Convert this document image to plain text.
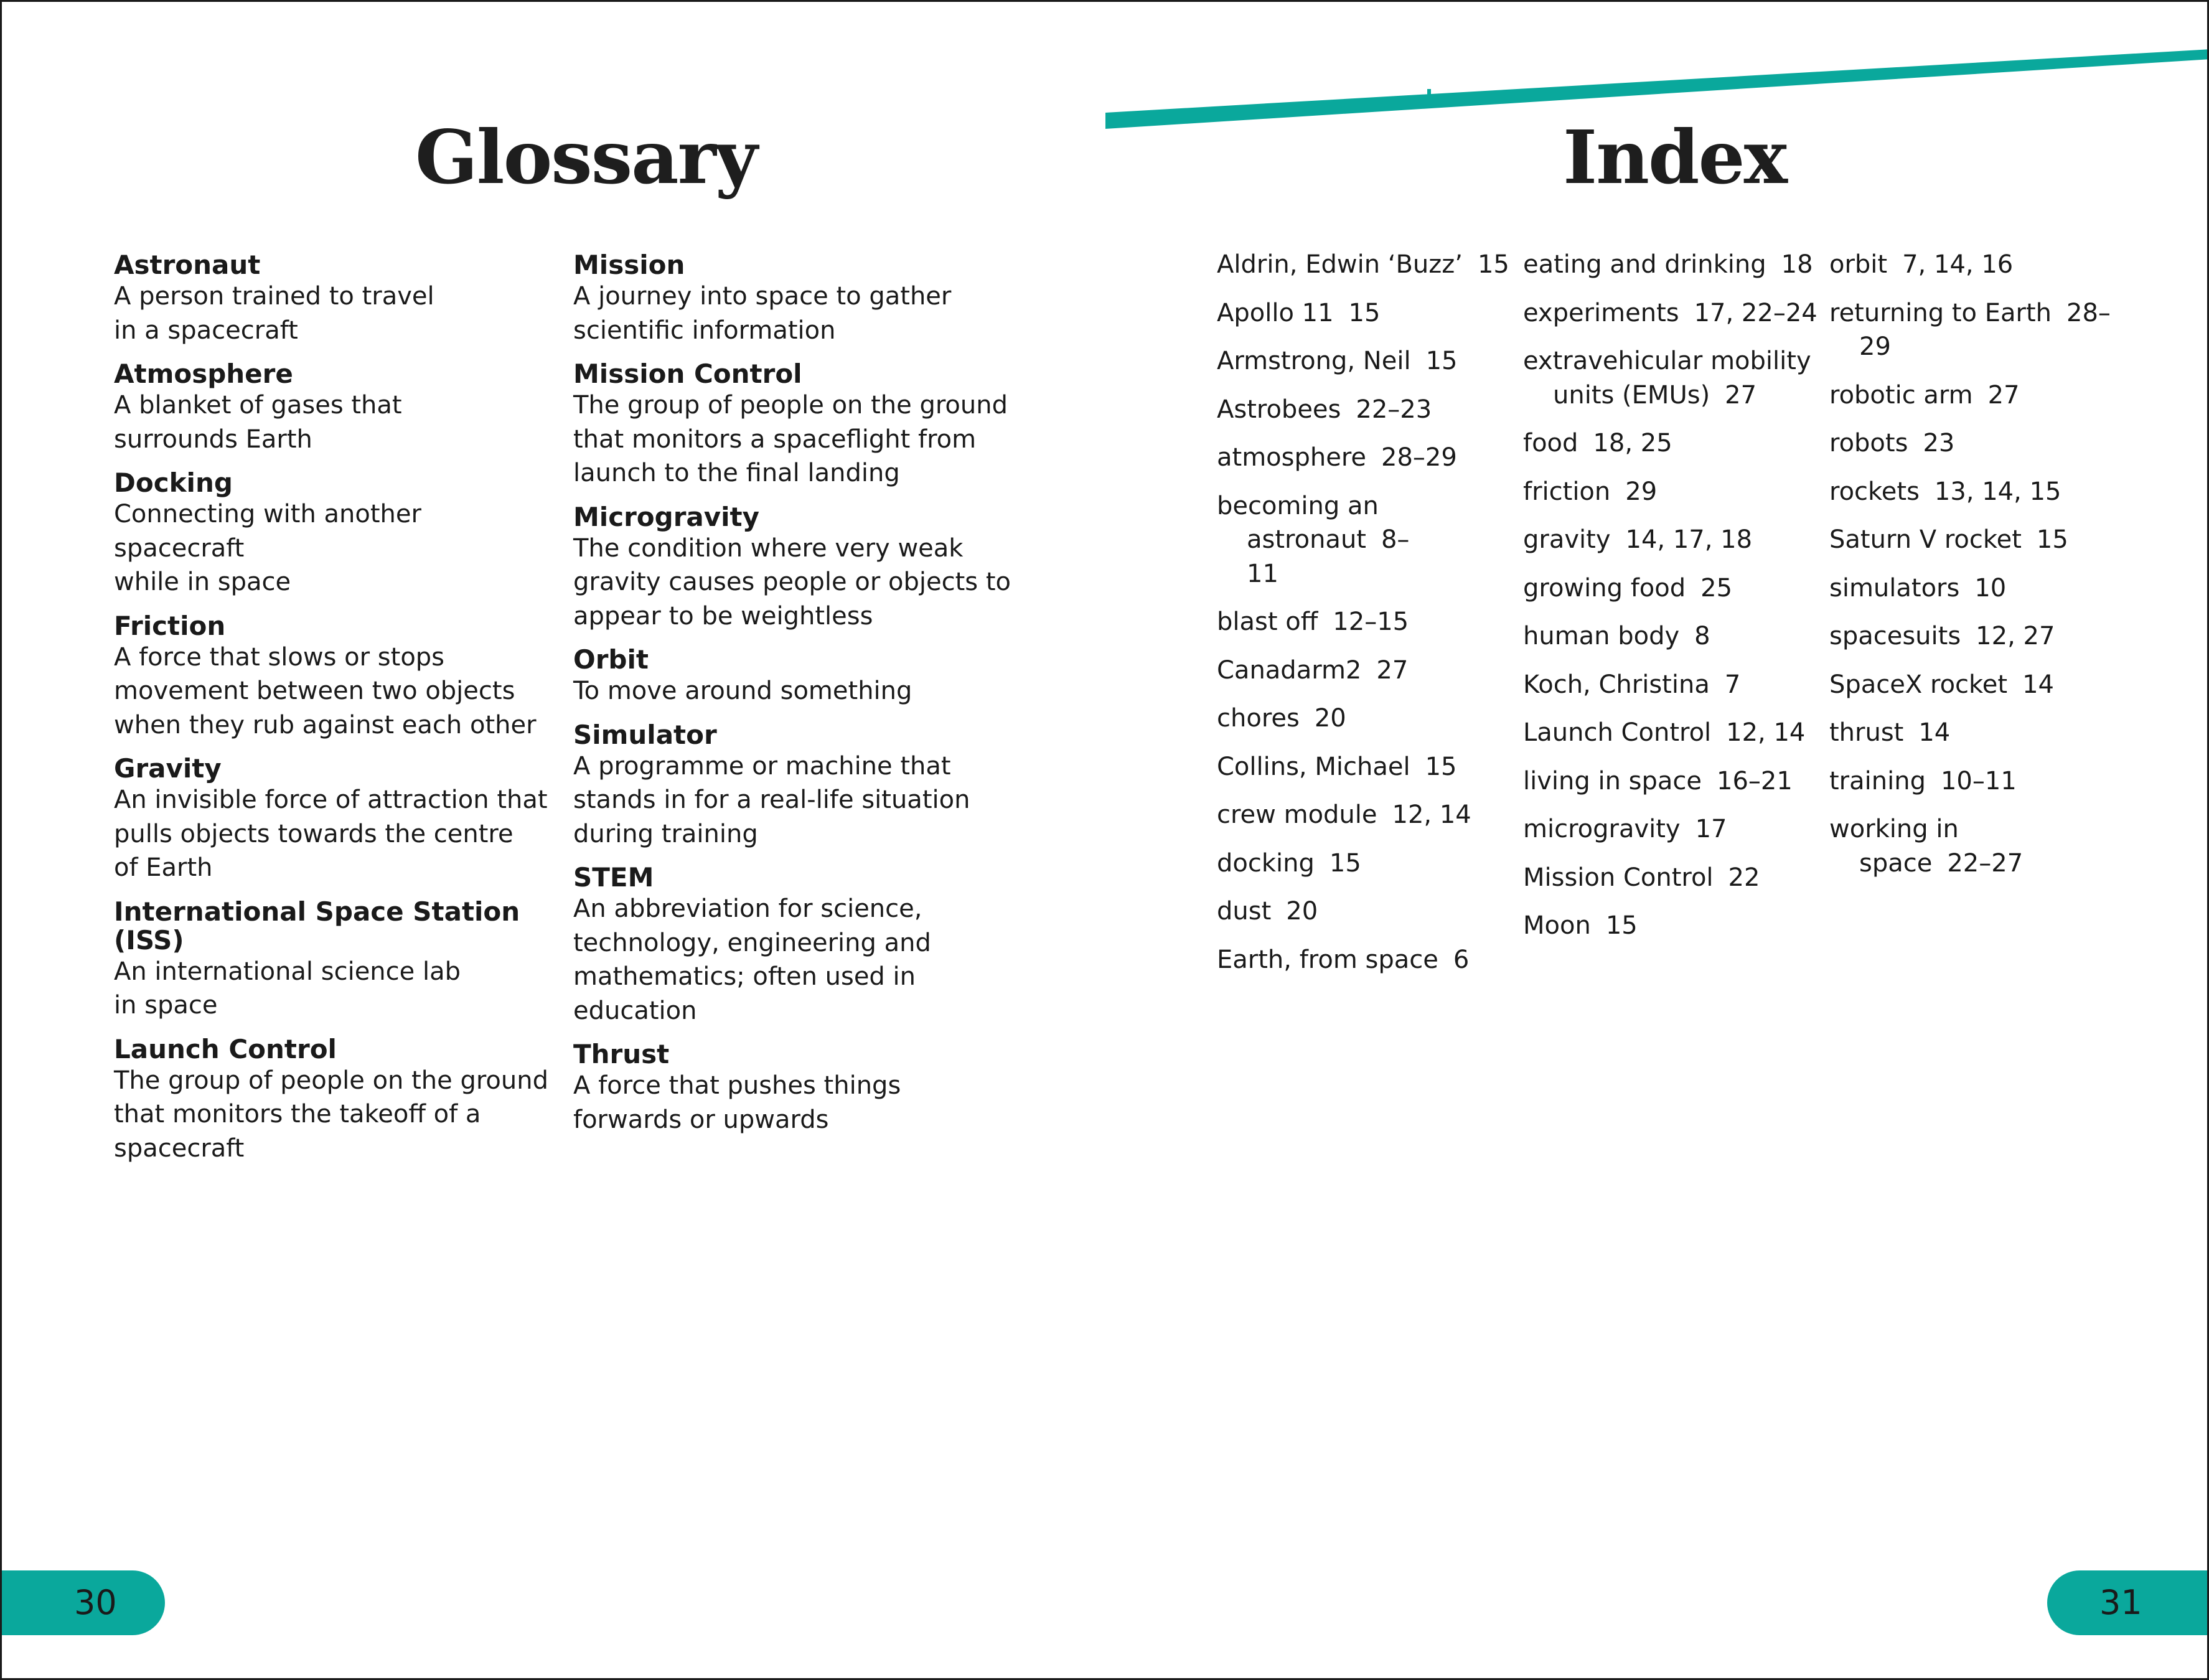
Glossary	Index
Astronaut
A person trained to travel
in a spacecraft
Atmosphere
A blanket of gases that
surrounds Earth
Docking
Connecting with another spacecraft
while in space
Friction
A force that slows or stops
movement between two objects
when they rub against each other
Gravity
An invisible force of attraction that
pulls objects towards the centre
of Earth
International Space Station
(ISS)
An international science lab
in space
Launch Control
The group of people on the ground
that monitors the takeoff of a
spacecraft
Mission
A journey into space to gather
scientific information
Mission Control
The group of people on the ground
that monitors a spaceflight from
launch to the final landing
Microgravity
The condition where very weak
gravity causes people or objects to
appear to be weightless
Orbit
To move around something
Simulator
A programme or machine that
stands in for a real-life situation
during training
STEM
An abbreviation for science,
technology, engineering and
mathematics; often used in
education
Thrust
A force that pushes things
forwards or upwards
Aldrin, Edwin ‘Buzz’ 15
Apollo 11 15
Armstrong, Neil 15
Astrobees 22–23
atmosphere 28–29
becoming an astronaut 8–11
blast off 12–15
Canadarm2 27
chores 20
Collins, Michael 15
crew module 12, 14
docking 15
dust 20
Earth, from space 6
eating and drinking 18
experiments 17, 22–24
extravehicular mobility units (EMUs) 27
food 18, 25
friction 29
gravity 14, 17, 18
growing food 25
human body 8
Koch, Christina 7
Launch Control 12, 14
living in space 16–21
microgravity 17
Mission Control 22
Moon 15
orbit 7, 14, 16
returning to Earth 28–29
robotic arm 27
robots 23
rockets 13, 14, 15
Saturn V rocket 15
simulators 10
spacesuits 12, 27
SpaceX rocket 14
thrust 14
training 10–11
working in space 22–27
30	31
